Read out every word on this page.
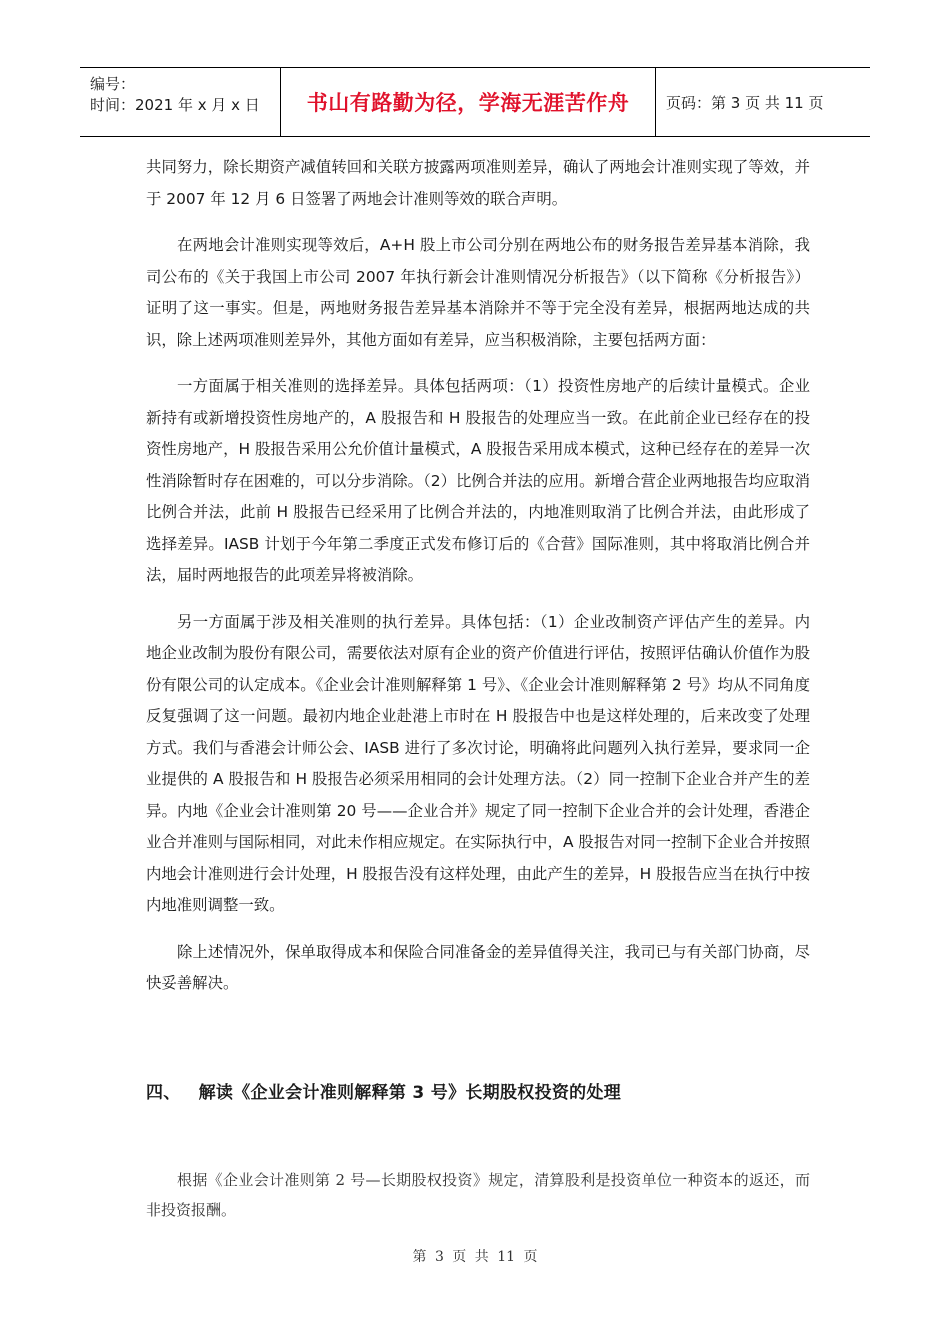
编号：
时间：2021 年 x 月 x 日	书山有路勤为径，学海无涯苦作舟	页码：第 3 页 共 11 页

共同努力，除长期资产减值转回和关联方披露两项准则差异，确认了两地会计准则实现了等效，并于 2007 年 12 月 6 日签署了两地会计准则等效的联合声明。

在两地会计准则实现等效后，A+H 股上市公司分别在两地公布的财务报告差异基本消除，我司公布的《关于我国上市公司 2007 年执行新会计准则情况分析报告》（以下简称《分析报告》）证明了这一事实。但是，两地财务报告差异基本消除并不等于完全没有差异，根据两地达成的共识，除上述两项准则差异外，其他方面如有差异，应当积极消除，主要包括两方面：

一方面属于相关准则的选择差异。具体包括两项：（1）投资性房地产的后续计量模式。企业新持有或新增投资性房地产的，A 股报告和 H 股报告的处理应当一致。在此前企业已经存在的投资性房地产，H 股报告采用公允价值计量模式，A 股报告采用成本模式，这种已经存在的差异一次性消除暂时存在困难的，可以分步消除。（2）比例合并法的应用。新增合营企业两地报告均应取消比例合并法，此前 H 股报告已经采用了比例合并法的，内地准则取消了比例合并法，由此形成了选择差异。IASB 计划于今年第二季度正式发布修订后的《合营》国际准则，其中将取消比例合并法，届时两地报告的此项差异将被消除。

另一方面属于涉及相关准则的执行差异。具体包括：（1）企业改制资产评估产生的差异。内地企业改制为股份有限公司，需要依法对原有企业的资产价值进行评估，按照评估确认价值作为股份有限公司的认定成本。《企业会计准则解释第 1 号》、《企业会计准则解释第 2 号》均从不同角度反复强调了这一问题。最初内地企业赴港上市时在 H 股报告中也是这样处理的，后来改变了处理方式。我们与香港会计师公会、IASB 进行了多次讨论，明确将此问题列入执行差异，要求同一企业提供的 A 股报告和 H 股报告必须采用相同的会计处理方法。（2）同一控制下企业合并产生的差异。内地《企业会计准则第 20 号——企业合并》规定了同一控制下企业合并的会计处理，香港企业合并准则与国际相同，对此未作相应规定。在实际执行中，A 股报告对同一控制下企业合并按照内地会计准则进行会计处理，H 股报告没有这样处理，由此产生的差异，H 股报告应当在执行中按内地准则调整一致。

除上述情况外，保单取得成本和保险合同准备金的差异值得关注，我司已与有关部门协商，尽快妥善解决。

四、 解读《企业会计准则解释第 3 号》长期股权投资的处理

根据《企业会计准则第 2 号—长期股权投资》规定，清算股利是投资单位一种资本的返还，而非投资报酬。

第 3 页 共 11 页
